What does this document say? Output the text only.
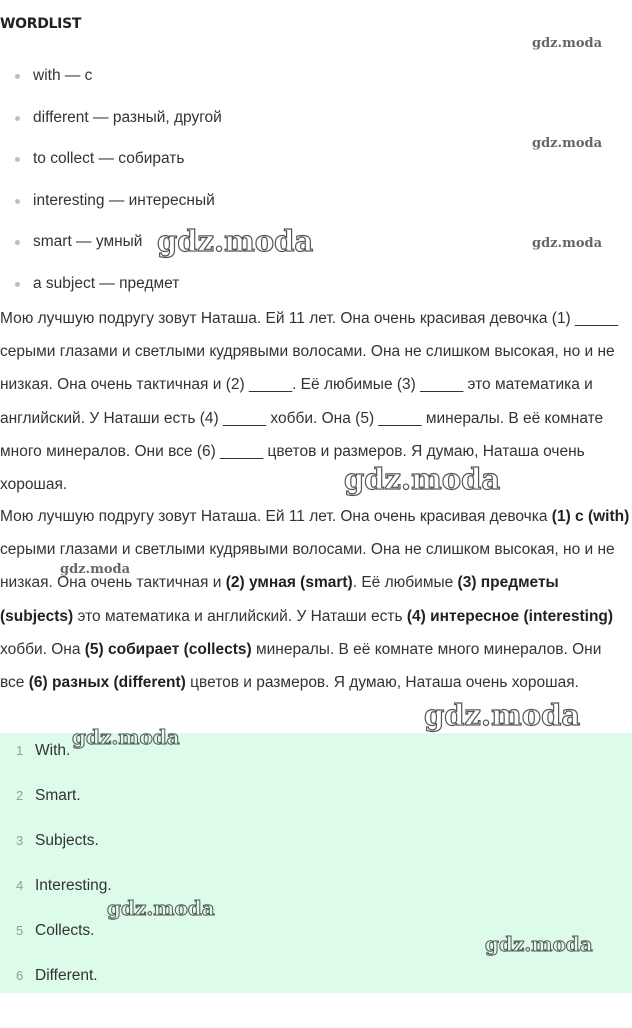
WORDLIST
with — с
different — разный, другой
to collect — собирать
interesting — интересный
smart — умный
a subject — предмет

Мою лучшую подругу зовут Наташа. Ей 11 лет. Она очень красивая девочка (1) _____ серыми глазами и светлыми кудрявыми волосами. Она не слишком высокая, но и не низкая. Она очень тактичная и (2) _____. Её любимые (3) _____ это математика и английский. У Наташи есть (4) _____ хобби. Она (5) _____ минералы. В её комнате много минералов. Они все (6) _____ цветов и размеров. Я думаю, Наташа очень хорошая.

Мою лучшую подругу зовут Наташа. Ей 11 лет. Она очень красивая девочка (1) с (with) серыми глазами и светлыми кудрявыми волосами. Она не слишком высокая, но и не низкая. Она очень тактичная и (2) умная (smart). Её любимые (3) предметы (subjects) это математика и английский. У Наташи есть (4) интересное (interesting) хобби. Она (5) собирает (collects) минералы. В её комнате много минералов. Они все (6) разных (different) цветов и размеров. Я думаю, Наташа очень хорошая.

1 With.
2 Smart.
3 Subjects.
4 Interesting.
5 Collects.
6 Different.
gdz.moda
gdz.moda
gdz.moda
gdz.moda
gdz.moda
gdz.moda
gdz.moda
gdz.moda
gdz.moda
gdz.moda
